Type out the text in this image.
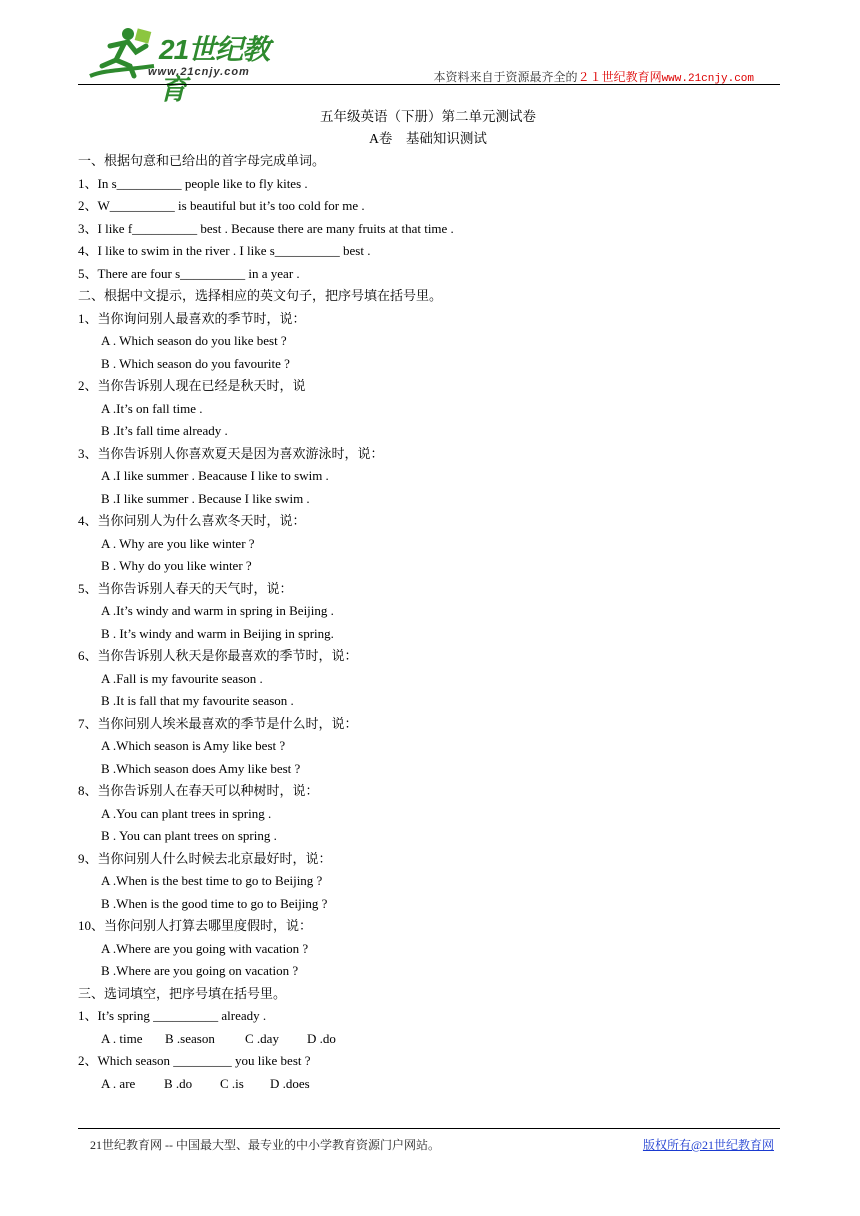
21世纪教育
www.21cnjy.com	本资料来自于资源最齐全的２１世纪教育网www.21cnjy.com
五年级英语（下册）第二单元测试卷
A卷　基础知识测试
一、根据句意和已给出的首字母完成单词。
1、In s__________ people like to fly kites .
2、W__________ is beautiful but it’s too cold for me .
3、I like f__________ best . Because there are many fruits at that time .
4、I like to swim in the river . I like s__________ best .
5、There are four s__________ in a year .
二、根据中文提示，选择相应的英文句子，把序号填在括号里。
1、当你询问别人最喜欢的季节时，说：
A . Which season do you like best ?
B . Which season do you favourite ?
2、当你告诉别人现在已经是秋天时，说
A .It’s on fall time .
B .It’s fall time already .
3、当你告诉别人你喜欢夏天是因为喜欢游泳时，说：
A .I like summer . Beacause I like to swim .
B .I like summer . Because I like swim .
4、当你问别人为什么喜欢冬天时，说：
A . Why are you like winter ?
B . Why do you like winter ?
5、当你告诉别人春天的天气时，说：
A .It’s windy and warm in spring in Beijing .
B . It’s windy and warm in Beijing in spring.
6、当你告诉别人秋天是你最喜欢的季节时，说：
A .Fall is my favourite season .
B .It is fall that my favourite season .
7、当你问别人埃米最喜欢的季节是什么时，说：
A .Which season is Amy like best ?
B .Which season does Amy like best ?
8、当你告诉别人在春天可以种树时，说：
A .You can plant trees in spring .
B . You can plant trees on spring .
9、当你问别人什么时候去北京最好时，说：
A .When is the best time to go to Beijing ?
B .When is the good time to go to Beijing ?
10、当你问别人打算去哪里度假时，说：
A .Where are you going with vacation ?
B .Where are you going on vacation ?
三、选词填空，把序号填在括号里。
1、It’s spring __________ already .
A . time B .season C .day D .do
2、Which season _________ you like best ?
A . are B .do C .is D .does
21世纪教育网 -- 中国最大型、最专业的中小学教育资源门户网站。	版权所有@21世纪教育网
